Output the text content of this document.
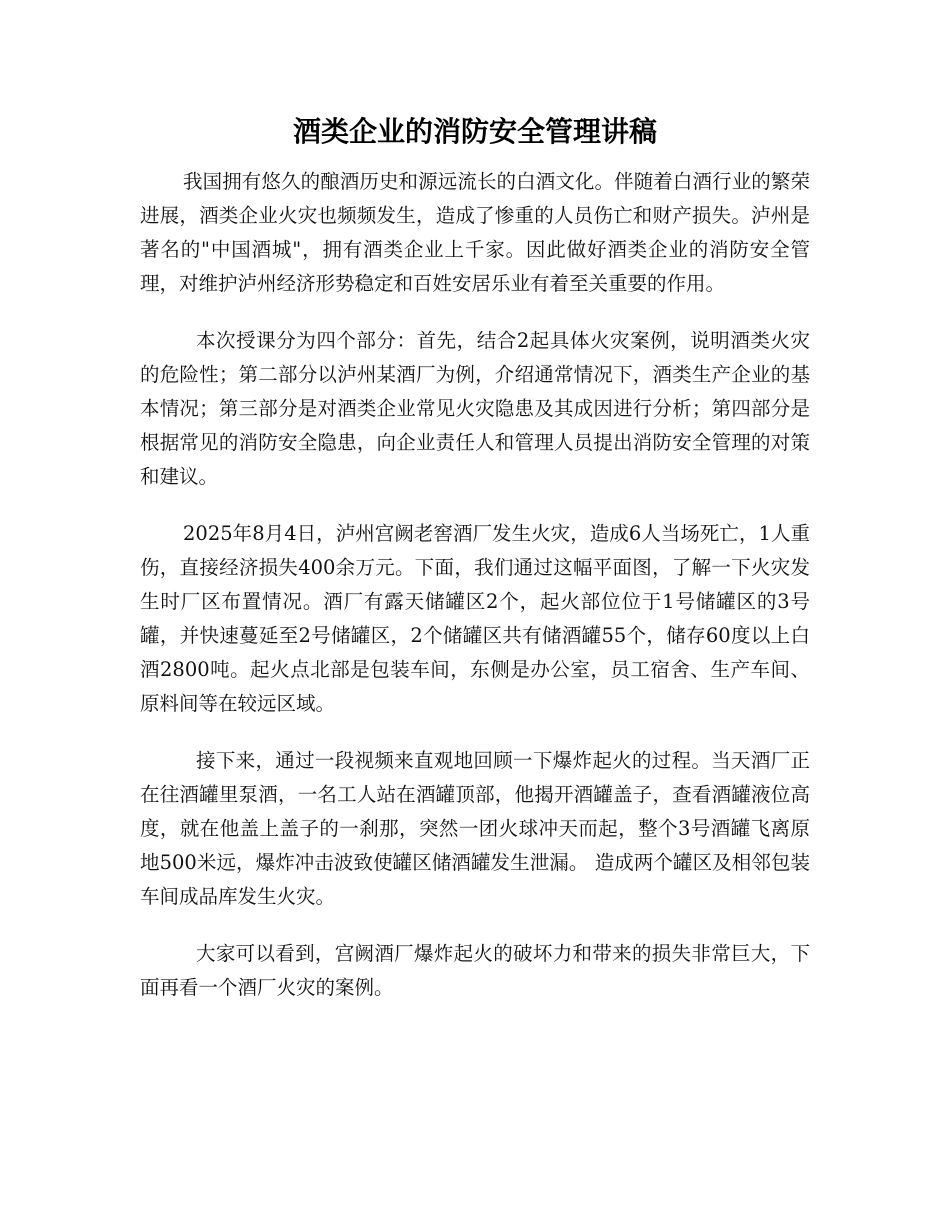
酒类企业的消防安全管理讲稿

我国拥有悠久的酿酒历史和源远流长的白酒文化。伴随着白酒行业的繁荣进展，酒类企业火灾也频频发生，造成了惨重的人员伤亡和财产损失。泸州是著名的"中国酒城"，拥有酒类企业上千家。因此做好酒类企业的消防安全管理，对维护泸州经济形势稳定和百姓安居乐业有着至关重要的作用。

本次授课分为四个部分：首先，结合2起具体火灾案例，说明酒类火灾的危险性；第二部分以泸州某酒厂为例，介绍通常情况下，酒类生产企业的基本情况；第三部分是对酒类企业常见火灾隐患及其成因进行分析；第四部分是根据常见的消防安全隐患，向企业责任人和管理人员提出消防安全管理的对策和建议。

2025年8月4日，泸州宫阙老窖酒厂发生火灾，造成6人当场死亡，1人重伤，直接经济损失400余万元。下面，我们通过这幅平面图，了解一下火灾发生时厂区布置情况。酒厂有露天储罐区2个，起火部位位于1号储罐区的3号罐，并快速蔓延至2号储罐区，2个储罐区共有储酒罐55个，储存60度以上白酒2800吨。起火点北部是包装车间，东侧是办公室，员工宿舍、生产车间、原料间等在较远区域。

接下来，通过一段视频来直观地回顾一下爆炸起火的过程。当天酒厂正在往酒罐里泵酒，一名工人站在酒罐顶部，他揭开酒罐盖子，查看酒罐液位高度，就在他盖上盖子的一刹那，突然一团火球冲天而起，整个3号酒罐飞离原地500米远，爆炸冲击波致使罐区储酒罐发生泄漏。 造成两个罐区及相邻包装车间成品库发生火灾。

大家可以看到，宫阙酒厂爆炸起火的破坏力和带来的损失非常巨大，下面再看一个酒厂火灾的案例。
